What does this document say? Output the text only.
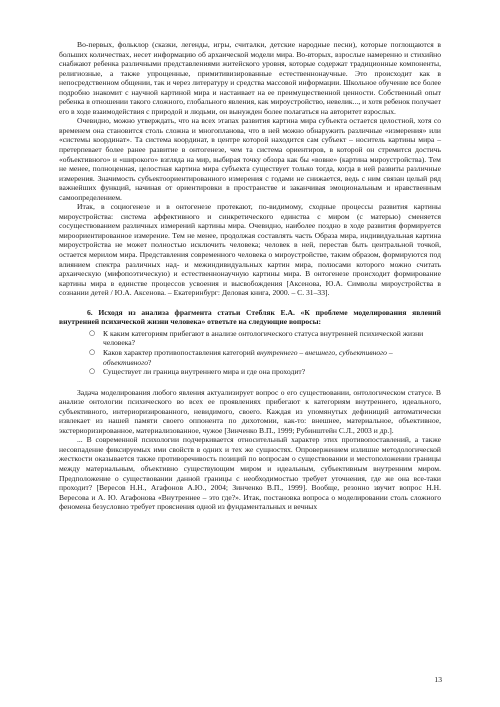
Во-первых, фольклор (сказки, легенды, игры, считалки, детские народные песни), которые поглощаются в больших количествах, несет информацию об архаической модели мира. Во-вторых, взрослые намеренно и стихийно снабжают ребенка различными представлениями житейского уровня, которые содержат традиционные компоненты, религиозные, а также упрощенные, примитивизированные естественнонаучные. Это происходит как в непосредственном общении, так и через литературу и средства массовой информации. Школьное обучение все более подробно знакомит с научной картиной мира и настаивает на ее преимущественной ценности. Собственный опыт ребенка в отношении такого сложного, глобального явления, как мироустройство, невелик..., и хотя ребенок получает его в ходе взаимодействия с природой и людьми, он вынужден более полагаться на авторитет взрослых.

Очевидно, можно утверждать, что на всех этапах развития картина мира субъекта остается целостной, хотя со временем она становится столь сложна и многопланова, что в ней можно обнаружить различные «измерения» или «системы координат». Та система координат, в центре которой находится сам субъект – носитель картины мира – претерпевает более ранее развитие в онтогенезе, чем та система ориентиров, в которой он стремится достичь «объективного» и «широкого» взгляда на мир, выбирая точку обзора как бы «вовне» (картина мироустройства). Тем не менее, полноценная, целостная картина мира субъекта существует только тогда, когда в ней развиты различные измерения. Значимость субъектоориентированного измерения с годами не снижается, ведь с ним связан целый ряд важнейших функций, начиная от ориентировки в пространстве и заканчивая эмоциональным и нравственным самоопределением.

Итак, в социогенезе и в онтогенезе протекают, по-видимому, сходные процессы развития картины мироустройства: система аффективного и синкретического единства с миром (с матерью) сменяется сосуществованием различных измерений картины мира. Очевидно, наиболее поздно в ходе развития формируется мироориентированное измерение. Тем не менее, продолжая составлять часть Образа мира, индивидуальная картина мироустройства не может полностью исключить человека; человек в ней, перестав быть центральной точкой, остается мерилом мира. Представления современного человека о мироустройстве, таким образом, формируются под влиянием спектра различных над- и межиндивидуальных картин мира, полюсами которого можно считать архаическую (мифопоэтическую) и естественнонаучную картины мира. В онтогенезе происходит формирование картины мира в единстве процессов усвоения и высвобождения [Аксенова, Ю.А. Символы мироустройства в сознании детей / Ю.А. Аксенова. – Екатеринбург: Деловая книга, 2000. – С. 31–33].

6. Исходя из анализа фрагмента статьи Стебляк Е.А. «К проблеме моделирования явлений внутренней психической жизни человека» ответьте на следующие вопросы:

○ К каким категориям прибегают в анализе онтологического статуса внутренней психической жизни человека?
○ Каков характер противопоставления категорий внутреннего – внешнего, субъективного – объективного?
○ Существует ли граница внутреннего мира и где она проходит?

Задача моделирования любого явления актуализирует вопрос о его существовании, онтологическом статусе. В анализе онтологии психического во всех ее проявлениях прибегают к категориям внутреннего, идеального, субъективного, интериоризированного, невидимого, своего. Каждая из упомянутых дефиниций автоматически извлекает из нашей памяти своего оппонента по дихотомии, как-то: внешнее, материальное, объективное, экстериоризированное, материализованное, чужое [Зинченко В.П., 1999; Рубинштейн С.Л., 2003 и др.].

... В современной психологии подчеркивается относительный характер этих противопоставлений, а также несовпадение фиксируемых ими свойств в одних и тех же сущностях. Опровержением излишне методологической жесткости оказывается также противоречивость позиций по вопросам о существовании и местоположении границы между материальным, объективно существующим миром и идеальным, субъективным внутренним миром. Предположение о существовании данной границы с необходимостью требует уточнения, где же она все-таки проходит? [Вересов Н.Н., Агафонов А.Ю., 2004; Зинченко В.П., 1999]. Вообще, резонно звучит вопрос Н.Н. Вересова и А. Ю. Агафонова «Внутреннее – это где?». Итак, постановка вопроса о моделировании столь сложного феномена безусловно требует прояснения одной из фундаментальных и вечных

13
